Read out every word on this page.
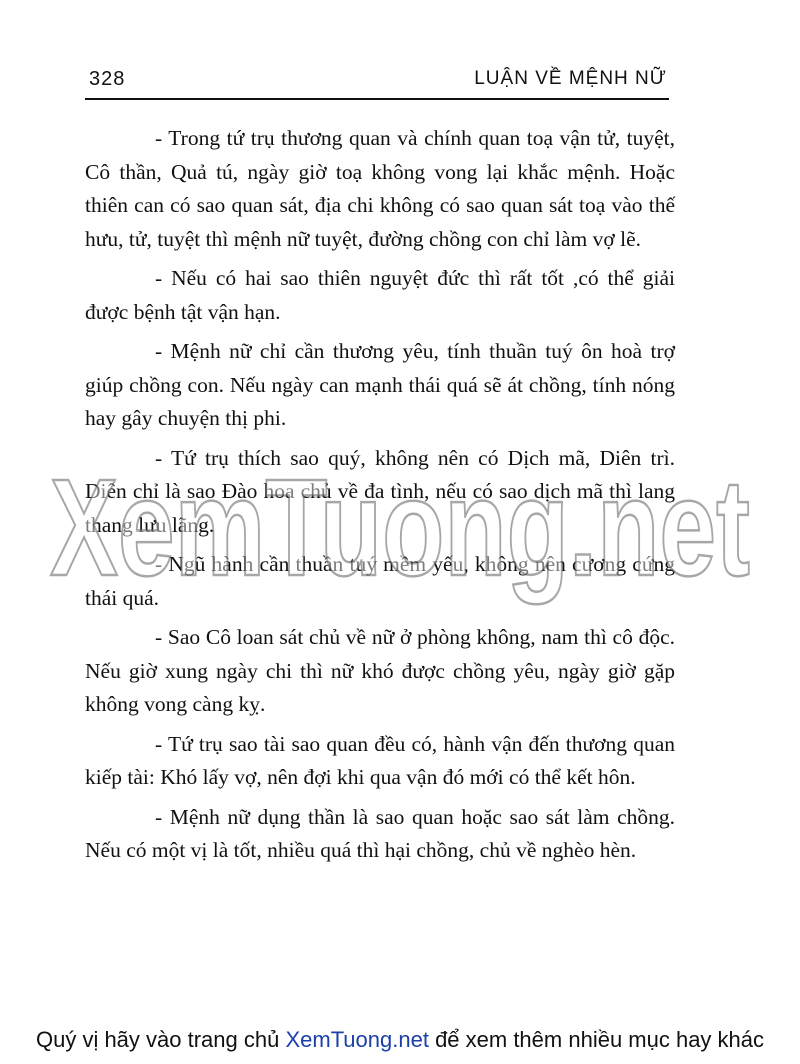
328	LUẬN VỀ MỆNH NỮ

- Trong tứ trụ thương quan và chính quan toạ vận tử, tuyệt, Cô thần, Quả tú, ngày giờ toạ không vong lại khắc mệnh. Hoặc thiên can có sao quan sát, địa chi không có sao quan sát toạ vào thế hưu, tử, tuyệt thì mệnh nữ tuyệt, đường chồng con chỉ làm vợ lẽ.

- Nếu có hai sao thiên nguyệt đức thì rất tốt ,có thể giải được bệnh tật vận hạn.

- Mệnh nữ chỉ cần thương yêu, tính thuần tuý ôn hoà trợ giúp chồng con. Nếu ngày can mạnh thái quá sẽ át chồng, tính nóng hay gây chuyện thị phi.

- Tứ trụ thích sao quý, không nên có Dịch mã, Diên trì. Diên chỉ là sao Đào hoa chủ về đa tình, nếu có sao dịch mã thì lang thang lưu lãng.

- Ngũ hành cần thuần tuý mềm yếu, không nên cương cứng thái quá.

- Sao Cô loan sát chủ về nữ ở phòng không, nam thì cô độc. Nếu giờ xung ngày chi thì nữ khó được chồng yêu, ngày giờ gặp không vong càng kỵ.

- Tứ trụ sao tài sao quan đều có, hành vận đến thương quan kiếp tài: Khó lấy vợ, nên đợi khi qua vận đó mới có thể kết hôn.

- Mệnh nữ dụng thần là sao quan hoặc sao sát làm chồng. Nếu có một vị là tốt, nhiều quá thì hại chồng, chủ về nghèo hèn.

XemTuong.net
Quý vị hãy vào trang chủ XemTuong.net để xem thêm nhiều mục hay khác
